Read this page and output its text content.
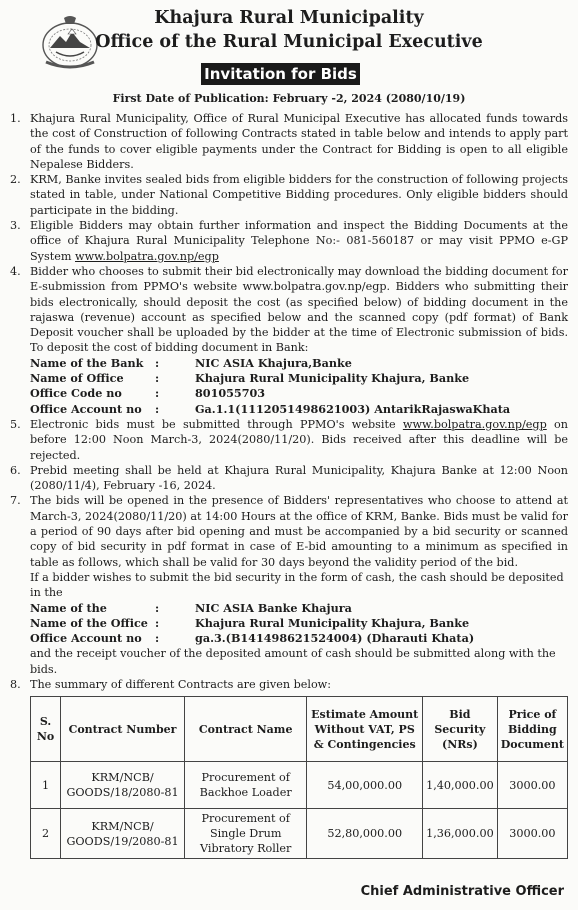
Khajura Rural Municipality
Office of the Rural Municipal Executive
Invitation for Bids
First Date of Publication: February -2, 2024 (2080/10/19)
1. Khajura Rural Municipality, Office of Rural Municipal Executive has allocated funds towards the cost of Construction of following Contracts stated in table below and intends to apply part of the funds to cover eligible payments under the Contract for Bidding is open to all eligible Nepalese Bidders.
2. KRM, Banke invites sealed bids from eligible bidders for the construction of following projects stated in table, under National Competitive Bidding procedures. Only eligible bidders should participate in the bidding.
3. Eligible Bidders may obtain further information and inspect the Bidding Documents at the office of Khajura Rural Municipality Telephone No:- 081-560187 or may visit PPMO e-GP System www.bolpatra.gov.np/egp
4. Bidder who chooses to submit their bid electronically may download the bidding document for E-submission from PPMO's website www.bolpatra.gov.np/egp. Bidders who submitting their bids electronically, should deposit the cost (as specified below) of bidding document in the rajaswa (revenue) account as specified below and the scanned copy (pdf format) of Bank Deposit voucher shall be uploaded by the bidder at the time of Electronic submission of bids. To deposit the cost of bidding document in Bank:
Name of the Bank	:	NIC ASIA Khajura,Banke
Name of Office	:	Khajura Rural Municipality Khajura, Banke
Office Code no	:	801055703
Office Account no	:	Ga.1.1(1112051498621003) AntarikRajaswaKhata
5. Electronic bids must be submitted through PPMO's website www.bolpatra.gov.np/egp on before 12:00 Noon March-3, 2024(2080/11/20). Bids received after this deadline will be rejected.
6. Prebid meeting shall be held at Khajura Rural Municipality, Khajura Banke at 12:00 Noon (2080/11/4), February -16, 2024.
7. The bids will be opened in the presence of Bidders' representatives who choose to attend at March-3, 2024(2080/11/20) at 14:00 Hours at the office of KRM, Banke. Bids must be valid for a period of 90 days after bid opening and must be accompanied by a bid security or scanned copy of bid security in pdf format in case of E-bid amounting to a minimum as specified in table as follows, which shall be valid for 30 days beyond the validity period of the bid.
If a bidder wishes to submit the bid security in the form of cash, the cash should be deposited in the
Name of the	:	NIC ASIA Banke Khajura
Name of the Office :	Khajura Rural Municipality Khajura, Banke
Office Account no	:	ga.3.(B141498621524004) (Dharauti Khata)
and the receipt voucher of the deposited amount of cash should be submitted along with the bids.
8. The summary of different Contracts are given below:
S. No	Contract Number	Contract Name	Estimate Amount Without VAT, PS & Contingencies	Bid Security (NRs)	Price of Bidding Document
1	KRM/NCB/ GOODS/18/2080-81	Procurement of Backhoe Loader	54,00,000.00	1,40,000.00	3000.00
2	KRM/NCB/ GOODS/19/2080-81	Procurement of Single Drum Vibratory Roller	52,80,000.00	1,36,000.00	3000.00
Chief Administrative Officer
